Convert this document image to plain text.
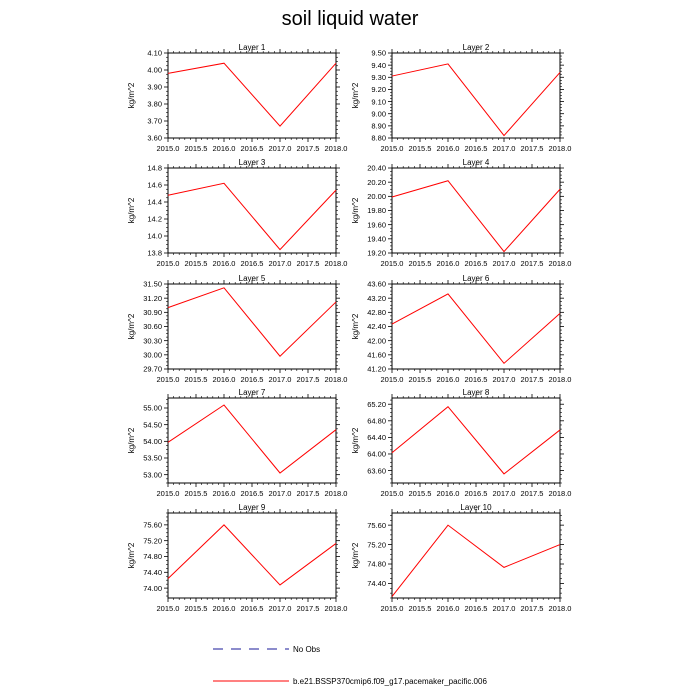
soil liquid water
No Obs
b.e21.BSSP370cmip6.f09_g17.pacemaker_pacific.006
Layer 1
2015.0 2015.5 2016.0 2016.5 2017.0 2017.5 2018.0
3.60
3.70
3.80
3.90
4.00
4.10
kg/m^2
Layer 2
2015.0 2015.5 2016.0 2016.5 2017.0 2017.5 2018.0
8.80
8.90
9.00
9.10
9.20
9.30
9.40
9.50
kg/m^2
Layer 3
2015.0 2015.5 2016.0 2016.5 2017.0 2017.5 2018.0
13.8
14.0
14.2
14.4
14.6
14.8
kg/m^2
Layer 4
2015.0 2015.5 2016.0 2016.5 2017.0 2017.5 2018.0
19.20
19.40
19.60
19.80
20.00
20.20
20.40
kg/m^2
Layer 5
2015.0 2015.5 2016.0 2016.5 2017.0 2017.5 2018.0
29.70
30.00
30.30
30.60
30.90
31.20
31.50
kg/m^2
Layer 6
2015.0 2015.5 2016.0 2016.5 2017.0 2017.5 2018.0
41.20
41.60
42.00
42.40
42.80
43.20
43.60
kg/m^2
Layer 7
2015.0 2015.5 2016.0 2016.5 2017.0 2017.5 2018.0
53.00
53.50
54.00
54.50
55.00
kg/m^2
Layer 8
2015.0 2015.5 2016.0 2016.5 2017.0 2017.5 2018.0
63.60
64.00
64.40
64.80
65.20
kg/m^2
Layer 9
2015.0 2015.5 2016.0 2016.5 2017.0 2017.5 2018.0
74.00
74.40
74.80
75.20
75.60
kg/m^2
Layer 10
2015.0 2015.5 2016.0 2016.5 2017.0 2017.5 2018.0
74.40
74.80
75.20
75.60
kg/m^2
